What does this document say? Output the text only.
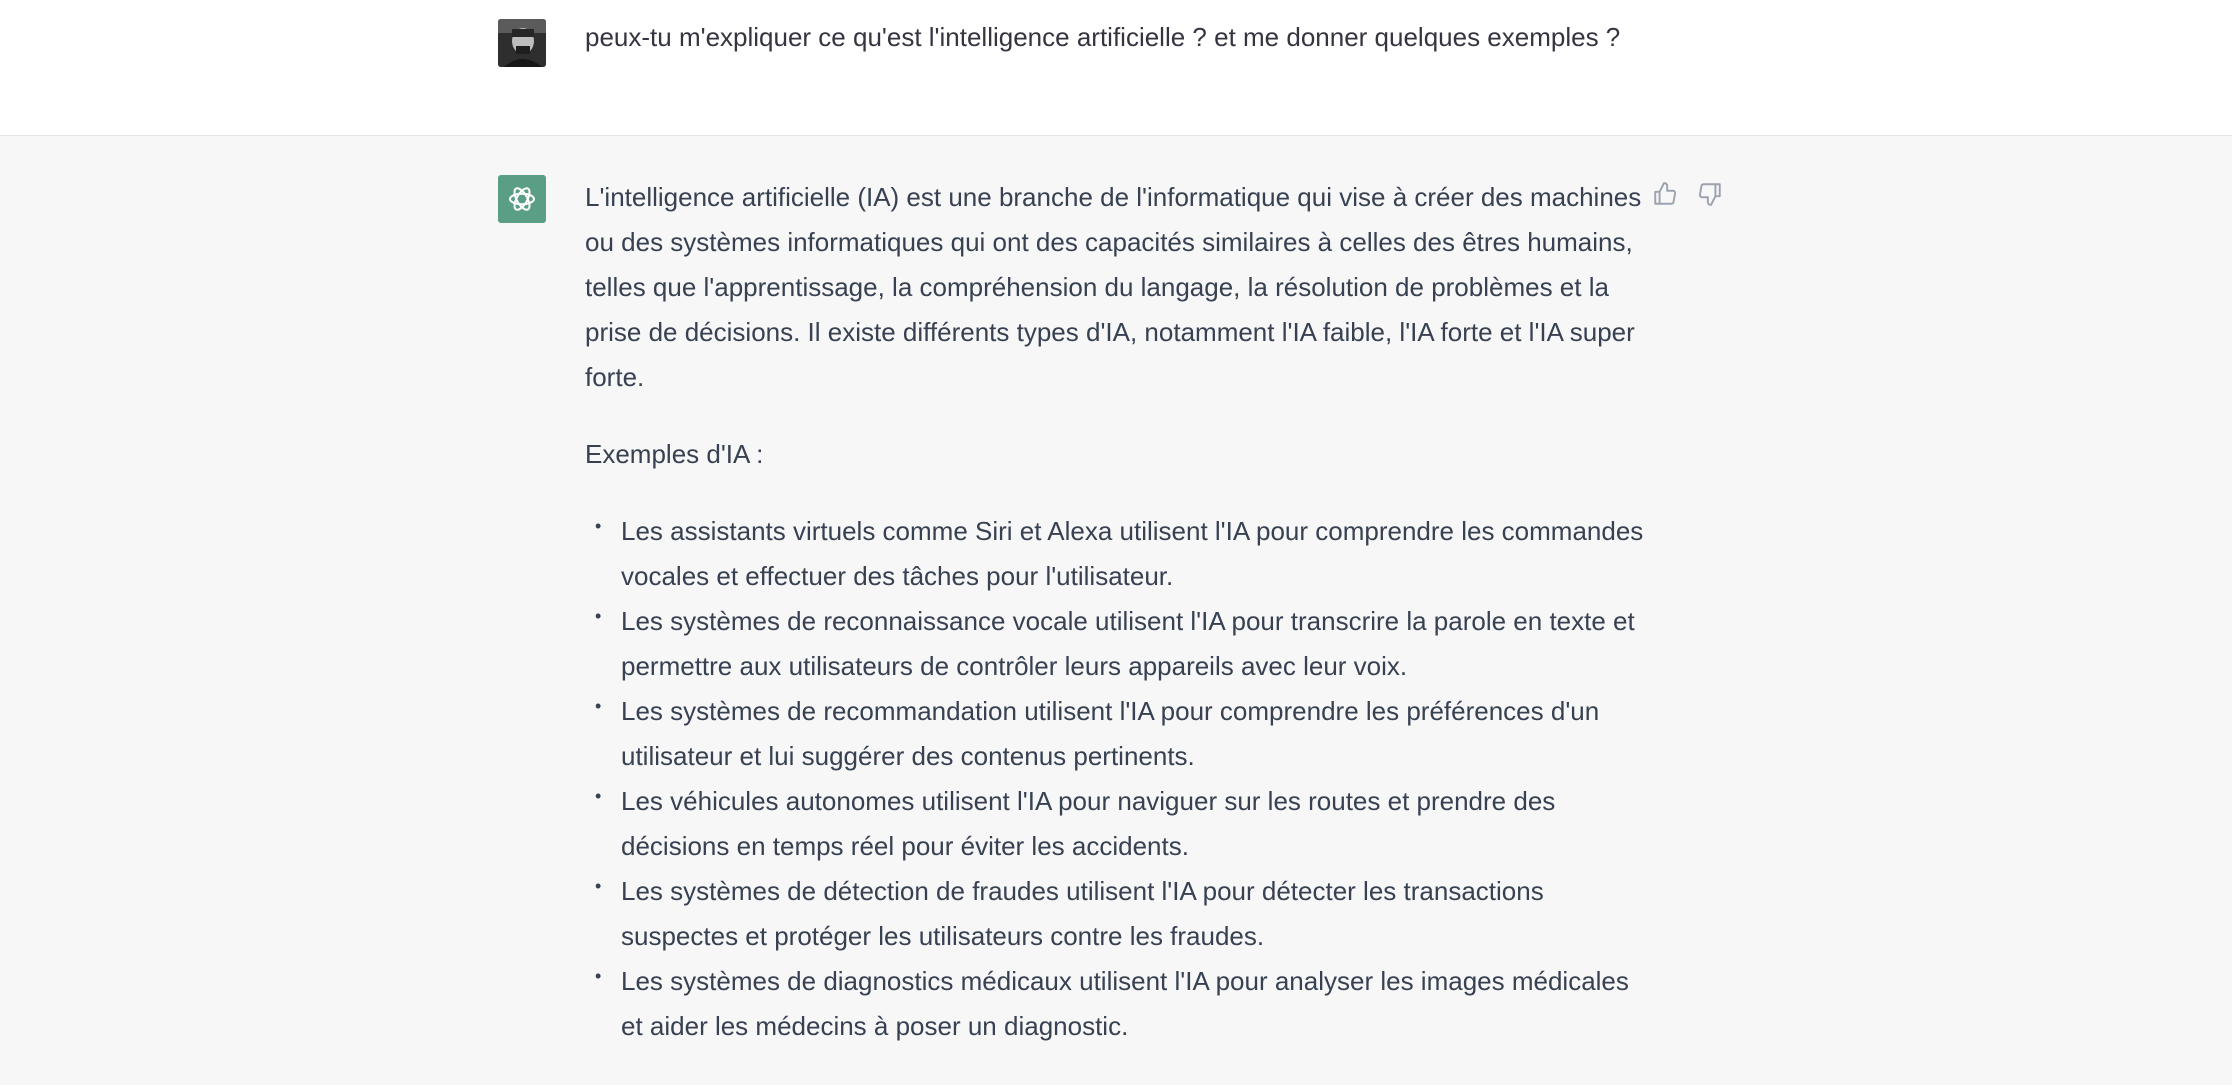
peux-tu m'expliquer ce qu'est l'intelligence artificielle ? et me donner quelques exemples ?

L'intelligence artificielle (IA) est une branche de l'informatique qui vise à créer des machines ou des systèmes informatiques qui ont des capacités similaires à celles des êtres humains, telles que l'apprentissage, la compréhension du langage, la résolution de problèmes et la prise de décisions. Il existe différents types d'IA, notamment l'IA faible, l'IA forte et l'IA super forte.

Exemples d'IA :

• Les assistants virtuels comme Siri et Alexa utilisent l'IA pour comprendre les commandes vocales et effectuer des tâches pour l'utilisateur.
• Les systèmes de reconnaissance vocale utilisent l'IA pour transcrire la parole en texte et permettre aux utilisateurs de contrôler leurs appareils avec leur voix.
• Les systèmes de recommandation utilisent l'IA pour comprendre les préférences d'un utilisateur et lui suggérer des contenus pertinents.
• Les véhicules autonomes utilisent l'IA pour naviguer sur les routes et prendre des décisions en temps réel pour éviter les accidents.
• Les systèmes de détection de fraudes utilisent l'IA pour détecter les transactions suspectes et protéger les utilisateurs contre les fraudes.
• Les systèmes de diagnostics médicaux utilisent l'IA pour analyser les images médicales et aider les médecins à poser un diagnostic.
